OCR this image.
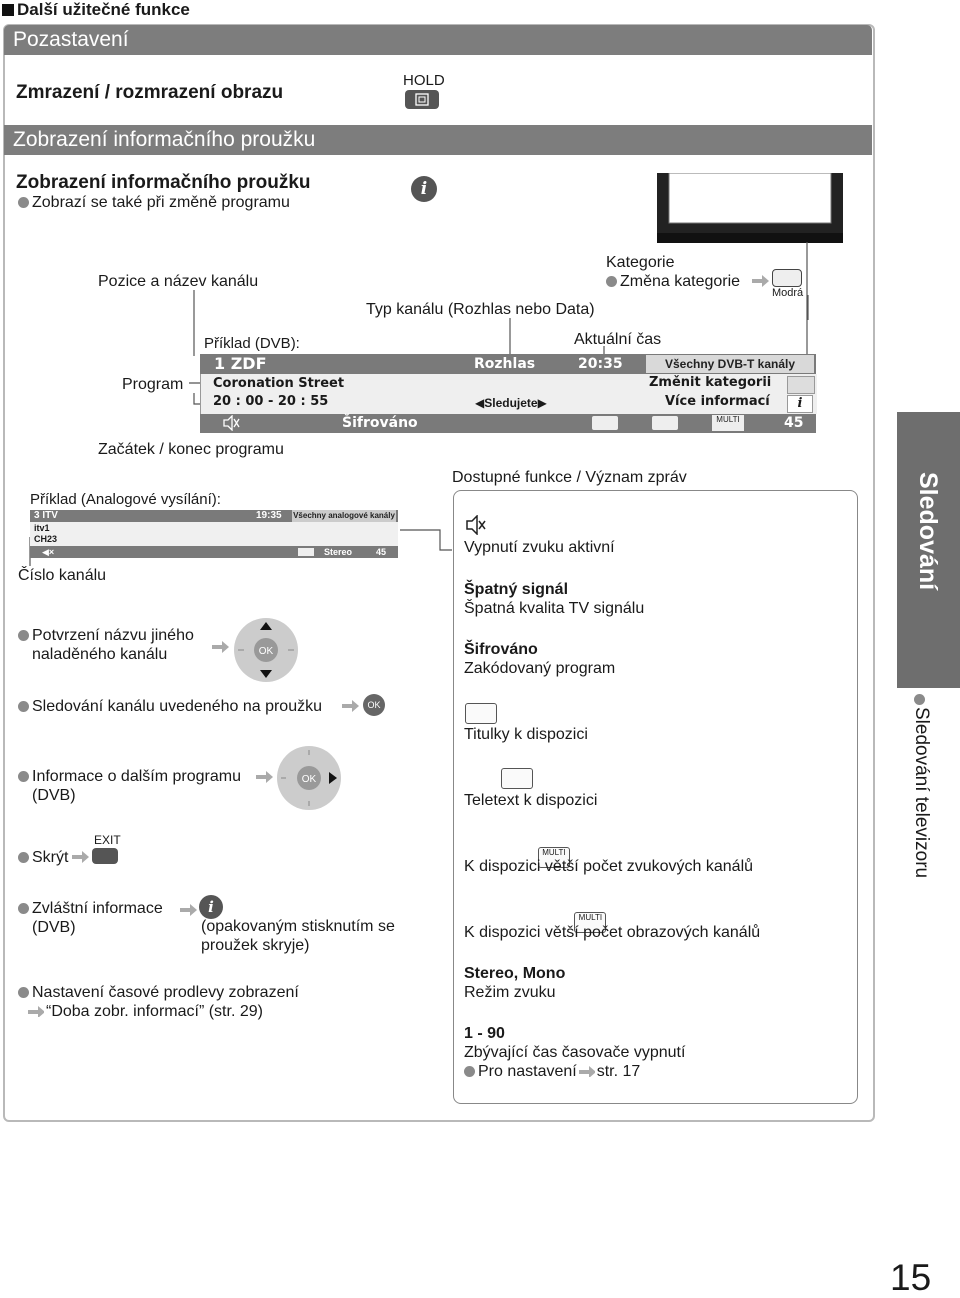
Další užitečné funkce
Pozastavení
Zmrazení / rozmrazení obrazu
HOLD
Zobrazení informačního proužku
Zobrazení informačního proužku
Zobrazí se také při změně programu
i
Pozice a název kanálu
Typ kanálu (Rozhlas nebo Data)
Kategorie
Změna kategorie
Modrá
Aktuální čas
Příklad (DVB):
Program
Začátek / konec programu
1 ZDF	Rozhlas	20:35	Všechny DVB-T kanály
Coronation Street
20 : 00 - 20 : 55	◀Sledujete▶
Změnit kategorii
Více informací	i
Šifrováno	MULTI	45
Příklad (Analogové vysílání):
3 ITV	19:35 Všechny analogové kanály
itv1
CH23
◀×	Stereo	45
Číslo kanálu
Potvrzení názvu jiného
naladěného kanálu	OK
Sledování kanálu uvedeného na proužku	OK
Informace o dalším programu
(DVB)
OK
EXIT
Skrýt
Zvláštní informace
(DVB)
i
(opakovaným stisknutím se
proužek skryje)
Nastavení časové prodlevy zobrazení
“Doba zobr. informací” (str. 29)
Dostupné funkce / Význam zpráv
Vypnutí zvuku aktivní
Špatný signál
Špatná kvalita TV signálu
Šifrováno
Zakódovaný program

Titulky k dispozici

Teletext k dispozici
MULTI
K dispozici větší počet zvukových kanálů
MULTI
K dispozici větší počet obrazových kanálů
Stereo, Mono
Režim zvuku
1 - 90
Zbývající čas časovače vypnutí
Pro nastavení str. 17
Sledování
Sledování televizoru
15
